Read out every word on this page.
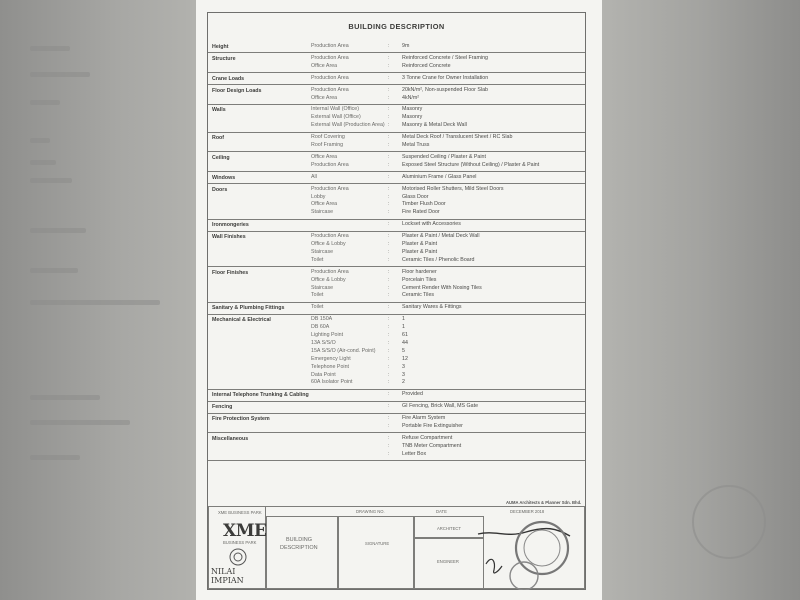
BUILDING DESCRIPTION
Height	Production Area	: 9m
Structure	Production Area	: Reinforced Concrete / Steel Framing
Office Area	: Reinforced Concrete
Crane Loads	Production Area	: 3 Tonne Crane for Owner Installation
Floor Design Loads	Production Area	: 20kN/m², Non-suspended Floor Slab
Office Area	: 4kN/m²
Walls	Internal Wall (Office)	: Masonry
External Wall (Office)	: Masonry
External Wall (Production Area) : Masonry & Metal Deck Wall
Roof	Roof Covering	: Metal Deck Roof / Translucent Sheet / RC Slab
Roof Framing	: Metal Truss
Ceiling	Office Area	: Suspended Ceiling / Plaster & Paint
Production Area	: Exposed Steel Structure (Without Ceiling) / Plaster & Paint
Windows	All	: Aluminium Frame / Glass Panel
Doors	Production Area	: Motorised Roller Shutters, Mild Steel Doors
Lobby	: Glass Door
Office Area	: Timber Flush Door
Staircase	: Fire Rated Door
Ironmongeries	: Lockset with Accessories
Wall Finishes	Production Area	: Plaster & Paint / Metal Deck Wall
Office & Lobby	: Plaster & Paint
Staircase	: Plaster & Paint
Toilet	: Ceramic Tiles / Phenolic Board
Floor Finishes	Production Area	: Floor hardener
Office & Lobby	: Porcelain Tiles
Staircase	: Cement Render With Nosing Tiles
Toilet	: Ceramic Tiles
Sanitary & Plumbing Fittings	Toilet	: Sanitary Wares & Fittings
Mechanical & Electrical	DB 150A	: 1
DB 60A	: 1
Lighting Point	: 61
13A S/S/O	: 44
15A S/S/O (Air-cond. Point) : 5
Emergency Light	: 12
Telephone Point	: 3
Data Point	: 3
60A Isolator Point	: 2
Internal Telephone Trunking & Cabling	: Provided
Fencing	: GI Fencing, Brick Wall, MS Gate
Fire Protection System	: Fire Alarm System
: Portable Fire Extinguisher
Miscellaneous	: Refuse Compartment
: TNB Meter Compartment
: Letter Box
AUMA Architects & Planner Sdn. Bhd.
XME BUSINESS PARK
XME
BUSINESS PARK
NILAI IMPIAN
BUILDING
DESCRIPTION
SIGNATURE
ARCHITECT
ENGINEER
DRAWING NO.	DATE	DECEMBER 2018
